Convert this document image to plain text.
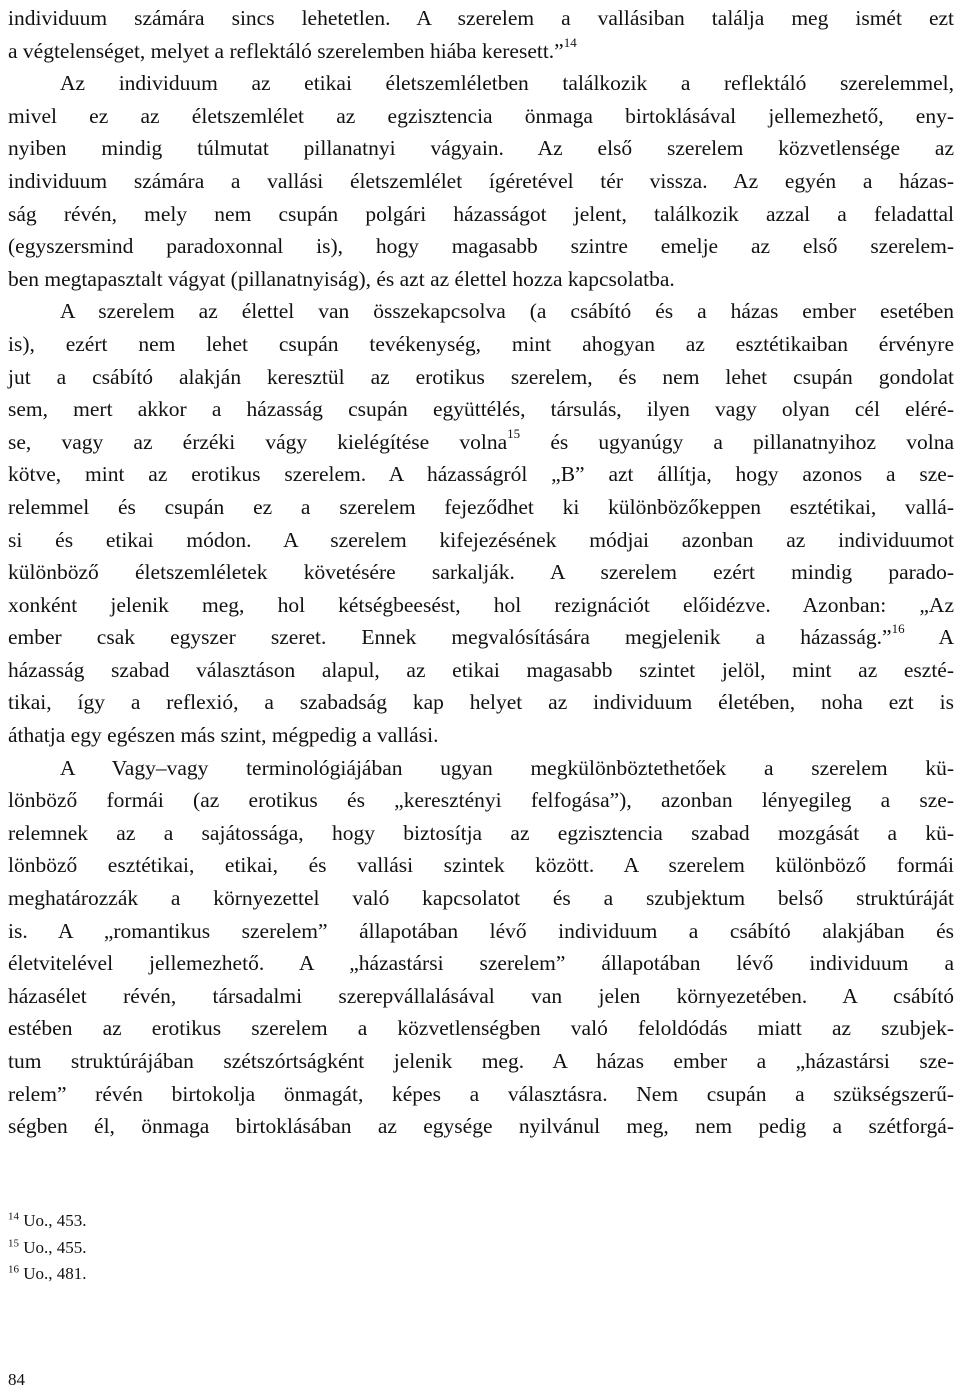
individuum számára sincs lehetetlen. A szerelem a vallásiban találja meg ismét ezt
a végtelenséget, melyet a reflektáló szerelemben hiába keresett.”$^{14}$
Az individuum az etikai életszemléletben találkozik a reflektáló szerelemmel,
mivel ez az életszemlélet az egzisztencia önmaga birtoklásával jellemezhető, eny-
nyiben mindig túlmutat pillanatnyi vágyain. Az első szerelem közvetlensége az
individuum számára a vallási életszemlélet ígéretével tér vissza. Az egyén a házas-
ság révén, mely nem csupán polgári házasságot jelent, találkozik azzal a feladattal
(egyszersmind paradoxonnal is), hogy magasabb szintre emelje az első szerelem-
ben megtapasztalt vágyat (pillanatnyiság), és azt az élettel hozza kapcsolatba.
A szerelem az élettel van összekapcsolva (a csábító és a házas ember esetében
is), ezért nem lehet csupán tevékenység, mint ahogyan az esztétikaiban érvényre
jut a csábító alakján keresztül az erotikus szerelem, és nem lehet csupán gondolat
sem, mert akkor a házasság csupán együttélés, társulás, ilyen vagy olyan cél eléré-
se, vagy az érzéki vágy kielégítése volna$^{15}$ és ugyanúgy a pillanatnyihoz volna
kötve, mint az erotikus szerelem. A házasságról „B” azt állítja, hogy azonos a sze-
relemmel és csupán ez a szerelem fejeződhet ki különbözőkeppen esztétikai, vallá-
si és etikai módon. A szerelem kifejezésének módjai azonban az individuumot
különböző életszemléletek követésére sarkalják. A szerelem ezért mindig parado-
xonként jelenik meg, hol kétségbeesést, hol rezignációt előidézve. Azonban: „Az
ember csak egyszer szeret. Ennek megvalósítására megjelenik a házasság.”$^{16}$ A
házasság szabad választáson alapul, az etikai magasabb szintet jelöl, mint az eszté-
tikai, így a reflexió, a szabadság kap helyet az individuum életében, noha ezt is
áthatja egy egészen más szint, mégpedig a vallási.
A Vagy–vagy terminológiájában ugyan megkülönböztethetőek a szerelem kü-
lönböző formái (az erotikus és „keresztényi felfogása”), azonban lényegileg a sze-
relemnek az a sajátossága, hogy biztosítja az egzisztencia szabad mozgását a kü-
lönböző esztétikai, etikai, és vallási szintek között. A szerelem különböző formái
meghatározzák a környezettel való kapcsolatot és a szubjektum belső struktúráját
is. A „romantikus szerelem” állapotában lévő individuum a csábító alakjában és
életvitelével jellemezhető. A „házastársi szerelem” állapotában lévő individuum a
házasélet révén, társadalmi szerepvállalásával van jelen környezetében. A csábító
estében az erotikus szerelem a közvetlenségben való feloldódás miatt az szubjek-
tum struktúrájában szétszórtságként jelenik meg. A házas ember a „házastársi sze-
relem” révén birtokolja önmagát, képes a választásra. Nem csupán a szükségszerű-
ségben él, önmaga birtoklásában az egysége nyilvánul meg, nem pedig a szétforgá-
$^{14}$ Uo., 453.
$^{15}$ Uo., 455.
$^{16}$ Uo., 481.
84
